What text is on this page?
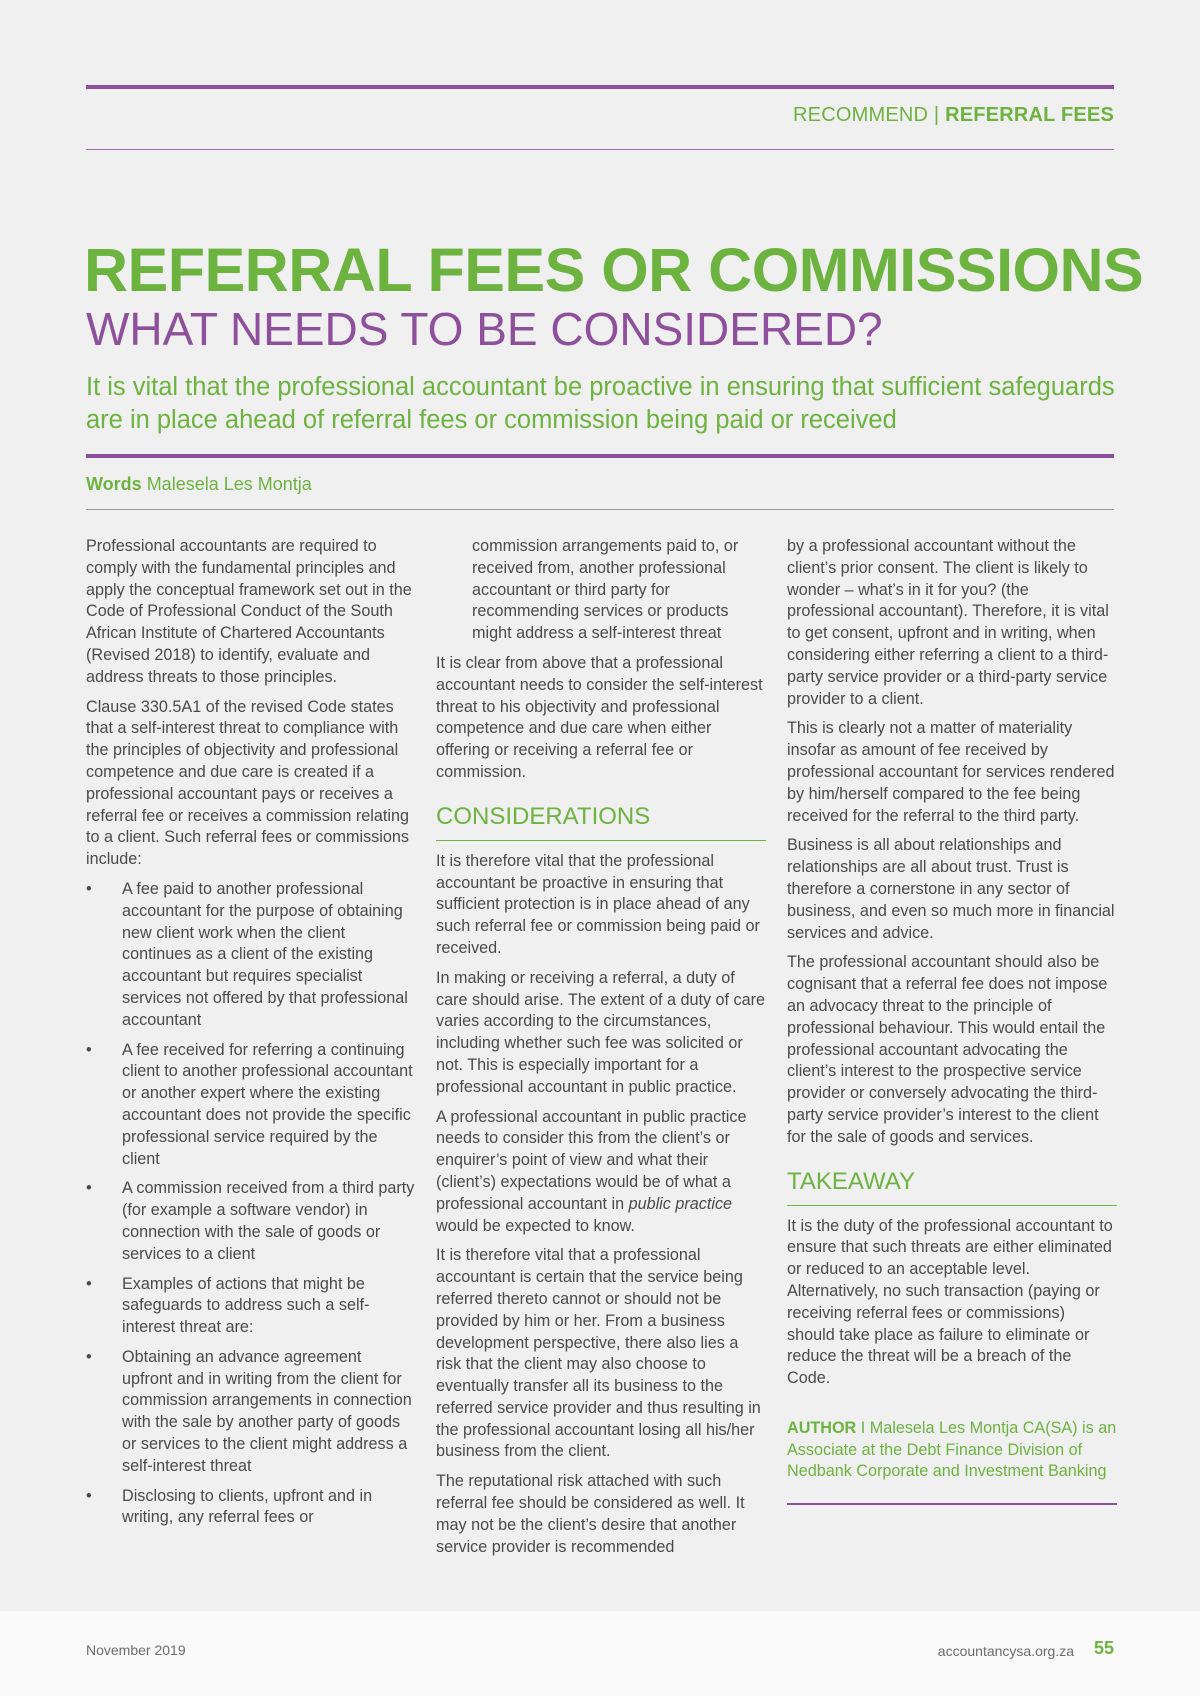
RECOMMEND | REFERRAL FEES
REFERRAL FEES OR COMMISSIONS
WHAT NEEDS TO BE CONSIDERED?

It is vital that the professional accountant be proactive in ensuring that sufficient safeguards are in place ahead of referral fees or commission being paid or received

Words Malesela Les Montja

Professional accountants are required to comply with the fundamental principles and apply the conceptual framework set out in the Code of Professional Conduct of the South African Institute of Chartered Accountants (Revised 2018) to identify, evaluate and address threats to those principles.

Clause 330.5A1 of the revised Code states that a self-interest threat to compliance with the principles of objectivity and professional competence and due care is created if a professional accountant pays or receives a referral fee or receives a commission relating to a client. Such referral fees or commissions include:

• A fee paid to another professional accountant for the purpose of obtaining new client work when the client continues as a client of the existing accountant but requires specialist services not offered by that professional accountant
• A fee received for referring a continuing client to another professional accountant or another expert where the existing accountant does not provide the specific professional service required by the client
• A commission received from a third party (for example a software vendor) in connection with the sale of goods or services to a client
• Examples of actions that might be safeguards to address such a self-interest threat are:
• Obtaining an advance agreement upfront and in writing from the client for commission arrangements in connection with the sale by another party of goods or services to the client might address a self-interest threat
• Disclosing to clients, upfront and in writing, any referral fees or
commission arrangements paid to, or received from, another professional accountant or third party for recommending services or products might address a self-interest threat

It is clear from above that a professional accountant needs to consider the self-interest threat to his objectivity and professional competence and due care when either offering or receiving a referral fee or commission.

CONSIDERATIONS

It is therefore vital that the professional accountant be proactive in ensuring that sufficient protection is in place ahead of any such referral fee or commission being paid or received.

In making or receiving a referral, a duty of care should arise. The extent of a duty of care varies according to the circumstances, including whether such fee was solicited or not. This is especially important for a professional accountant in public practice.

A professional accountant in public practice needs to consider this from the client’s or enquirer’s point of view and what their (client’s) expectations would be of what a professional accountant in public practice would be expected to know.

It is therefore vital that a professional accountant is certain that the service being referred thereto cannot or should not be provided by him or her. From a business development perspective, there also lies a risk that the client may also choose to eventually transfer all its business to the referred service provider and thus resulting in the professional accountant losing all his/her business from the client.

The reputational risk attached with such referral fee should be considered as well. It may not be the client’s desire that another service provider is recommended

by a professional accountant without the client’s prior consent. The client is likely to wonder – what’s in it for you? (the professional accountant). Therefore, it is vital to get consent, upfront and in writing, when considering either referring a client to a third-party service provider or a third-party service provider to a client.

This is clearly not a matter of materiality insofar as amount of fee received by professional accountant for services rendered by him/herself compared to the fee being received for the referral to the third party.

Business is all about relationships and relationships are all about trust. Trust is therefore a cornerstone in any sector of business, and even so much more in financial services and advice.

The professional accountant should also be cognisant that a referral fee does not impose an advocacy threat to the principle of professional behaviour. This would entail the professional accountant advocating the client’s interest to the prospective service provider or conversely advocating the third-party service provider’s interest to the client for the sale of goods and services.

TAKEAWAY

It is the duty of the professional accountant to ensure that such threats are either eliminated or reduced to an acceptable level. Alternatively, no such transaction (paying or receiving referral fees or commissions) should take place as failure to eliminate or reduce the threat will be a breach of the Code.

AUTHOR I Malesela Les Montja CA(SA) is an Associate at the Debt Finance Division of Nedbank Corporate and Investment Banking
November 2019	accountancysa.org.za 55
